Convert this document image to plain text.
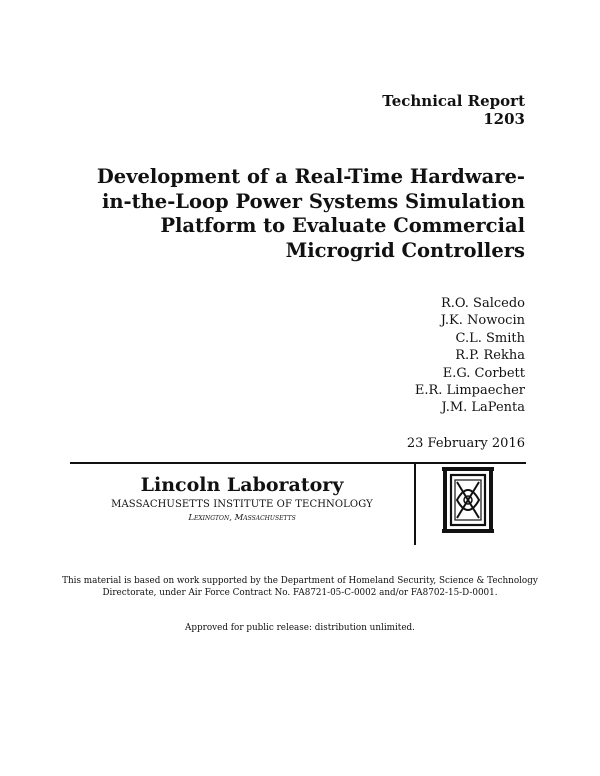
Technical Report
1203
Development of a Real-Time Hardware-
in-the-Loop Power Systems Simulation
Platform to Evaluate Commercial
Microgrid Controllers
R.O. Salcedo
J.K. Nowocin
C.L. Smith
R.P. Rekha
E.G. Corbett
E.R. Limpaecher
J.M. LaPenta
23 February 2016
Lincoln Laboratory
MASSACHUSETTS INSTITUTE OF TECHNOLOGY
Lexington, Massachusetts
This material is based on work supported by the Department of Homeland Security, Science & Technology
Directorate, under Air Force Contract No. FA8721-05-C-0002 and/or FA8702-15-D-0001.
Approved for public release: distribution unlimited.
